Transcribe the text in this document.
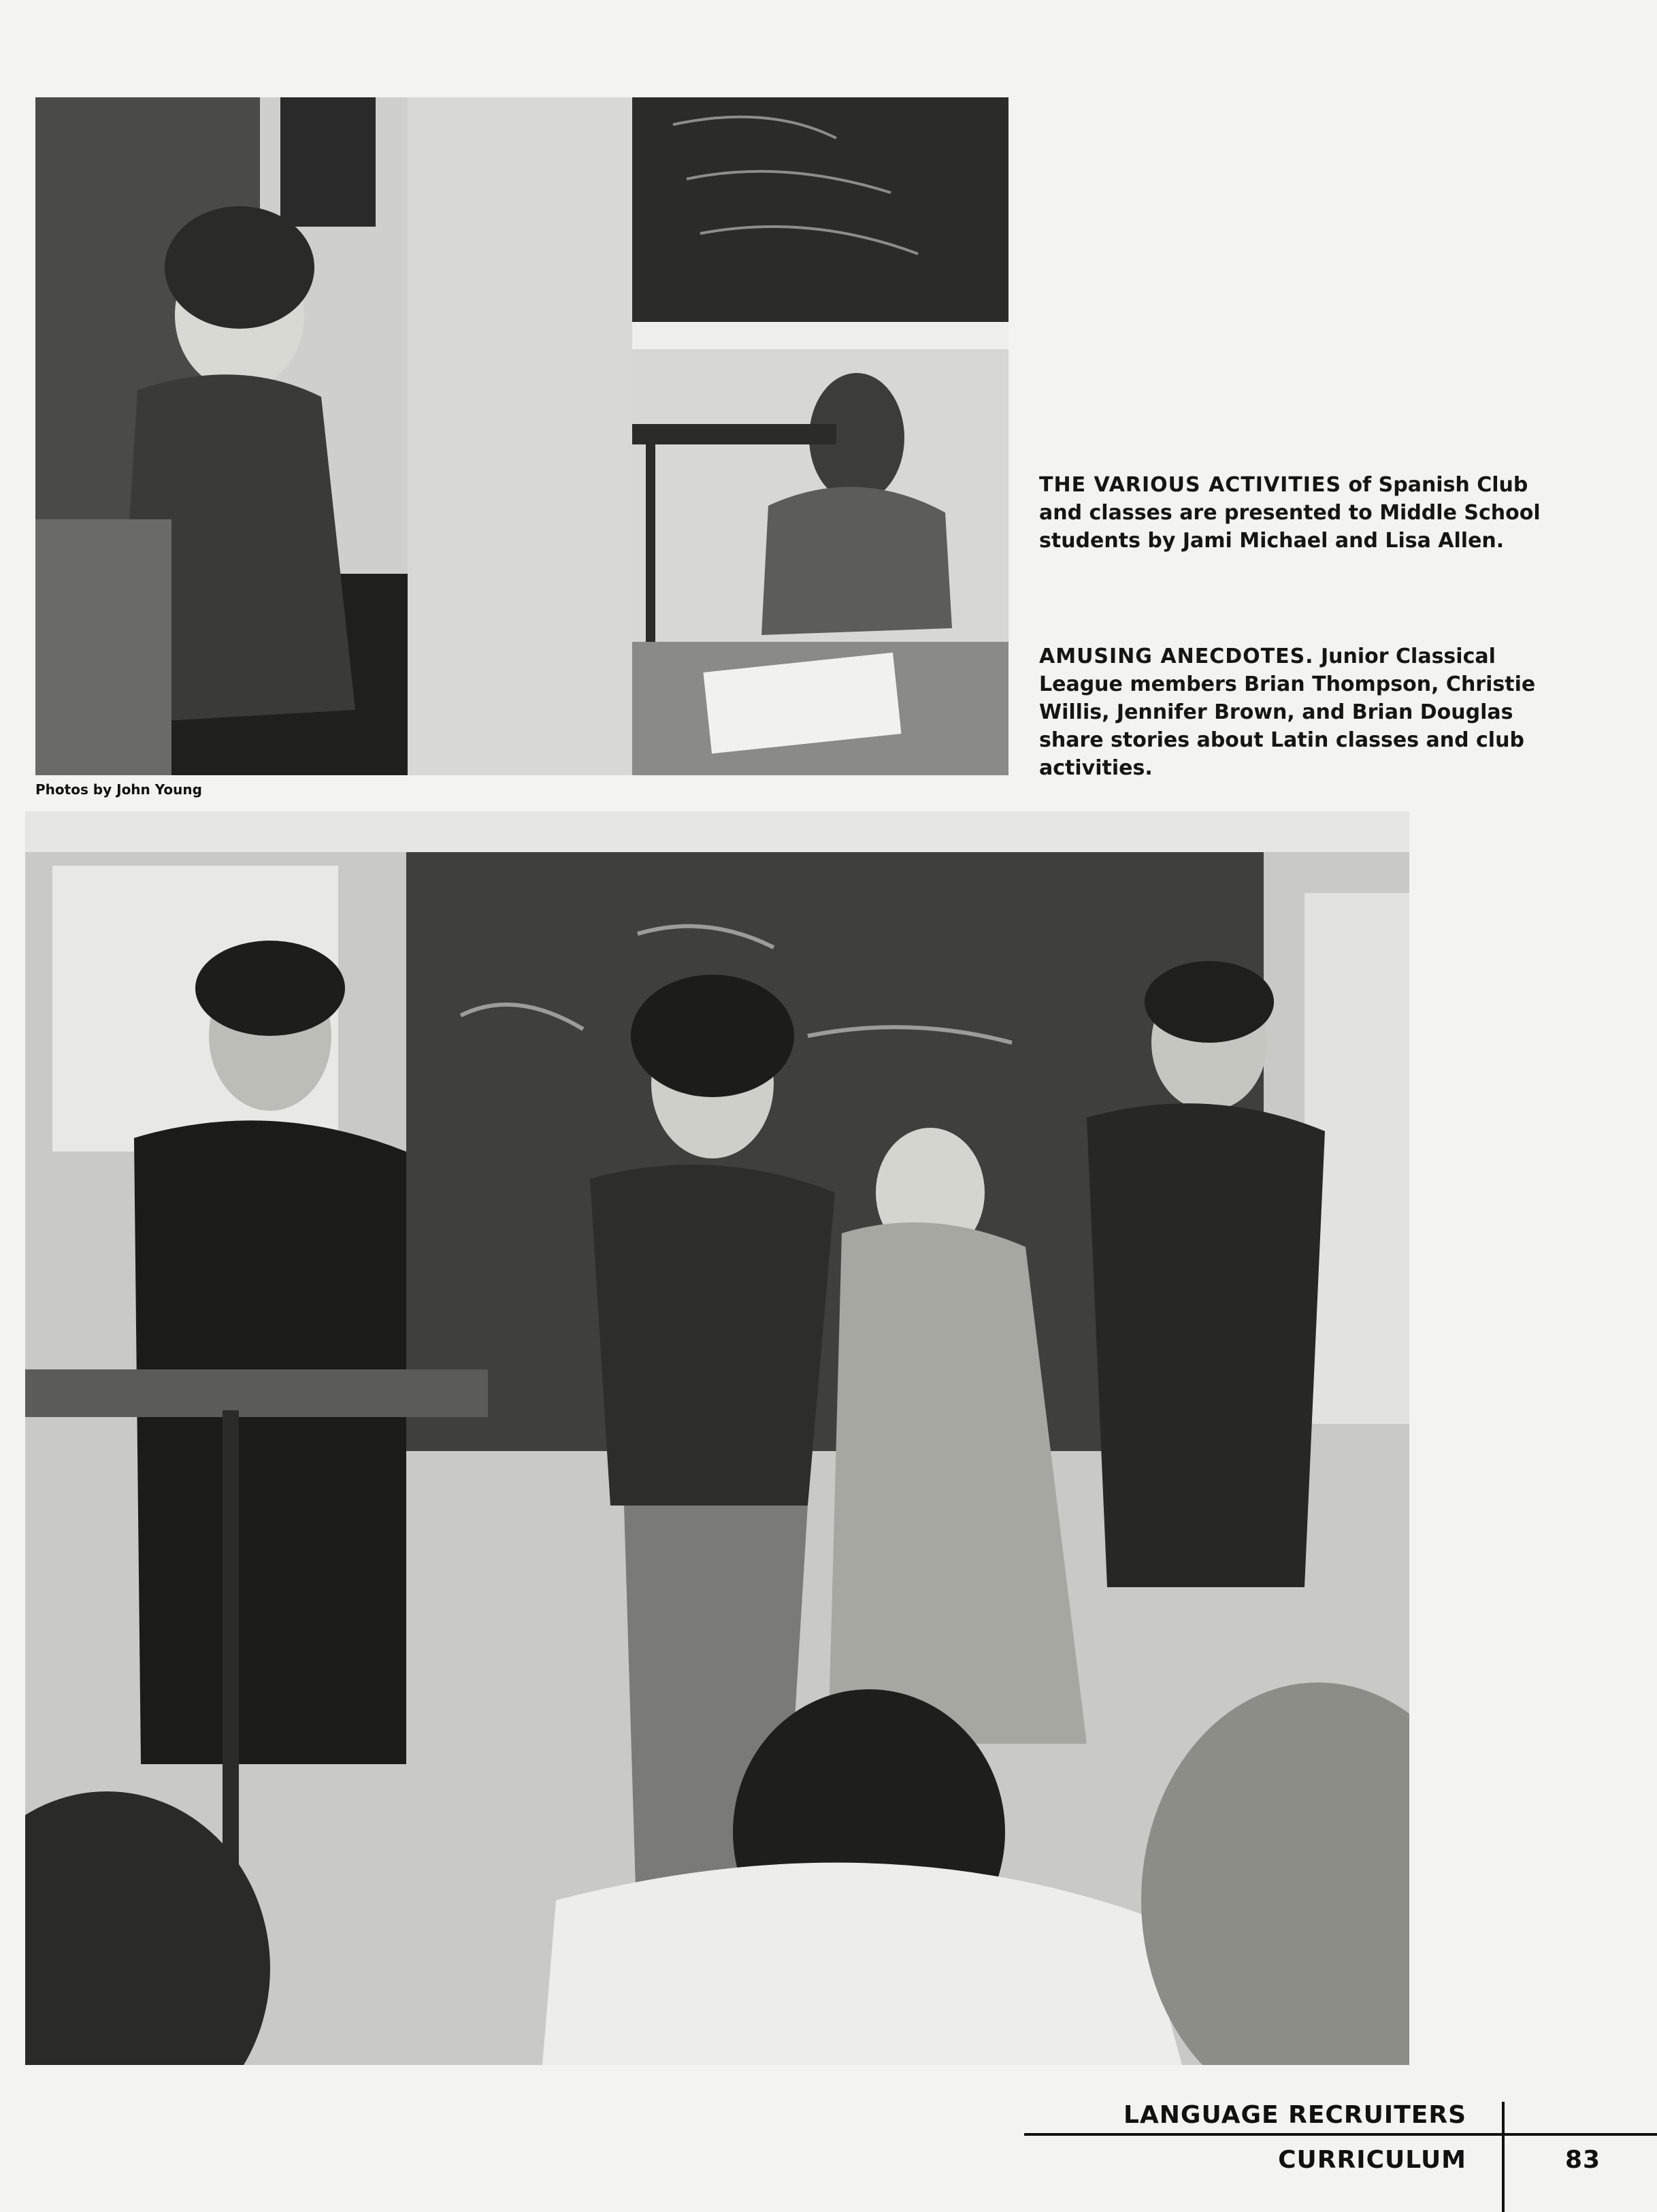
THE VARIOUS ACTIVITIES of Spanish Club and classes are presented to Middle School students by Jami Michael and Lisa Allen.
AMUSING ANECDOTES. Junior Classical League members Brian Thompson, Christie Willis, Jennifer Brown, and Brian Douglas share stories about Latin classes and club activities.
Photos by John Young
LANGUAGE RECRUITERS
CURRICULUM	83
